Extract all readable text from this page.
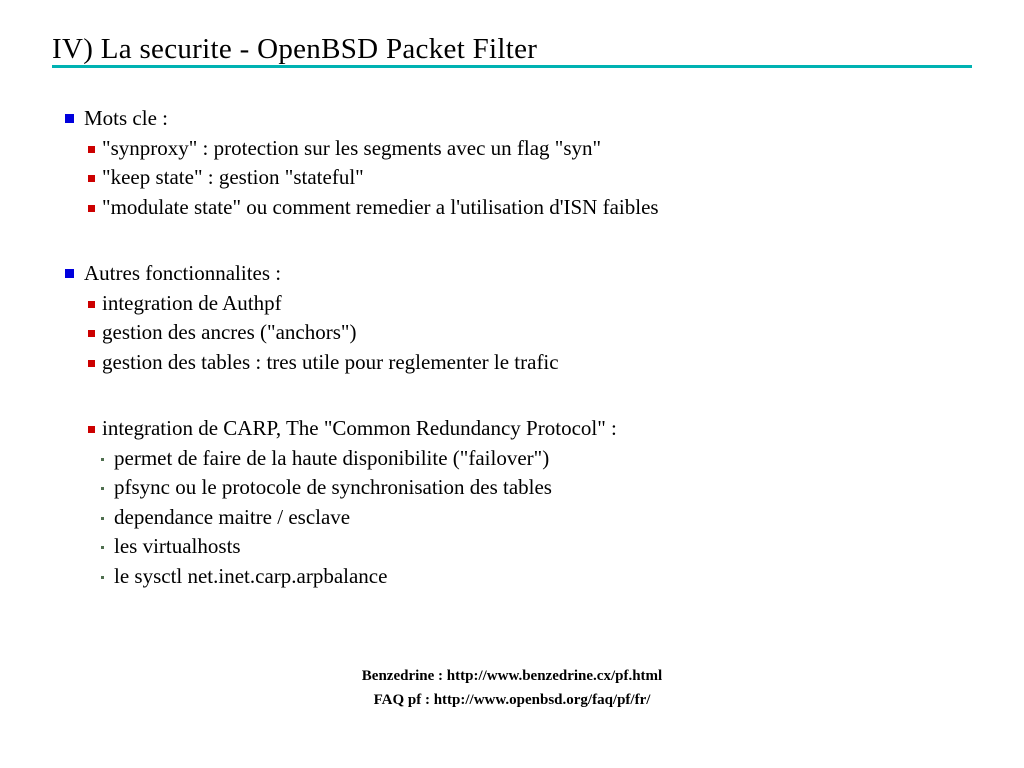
IV) La securite - OpenBSD Packet Filter
Mots cle :
"synproxy" : protection sur les segments avec un flag "syn"
"keep state" : gestion "stateful"
"modulate state" ou comment remedier a l'utilisation d'ISN faibles
Autres fonctionnalites :
integration de Authpf
gestion des ancres ("anchors")
gestion des tables : tres utile pour reglementer le trafic
integration de CARP, The "Common Redundancy Protocol" :
permet de faire de la haute disponibilite ("failover")
pfsync ou le protocole de synchronisation des tables
dependance maitre / esclave
les virtualhosts
le sysctl net.inet.carp.arpbalance
Benzedrine : http://www.benzedrine.cx/pf.html
FAQ pf : http://www.openbsd.org/faq/pf/fr/
